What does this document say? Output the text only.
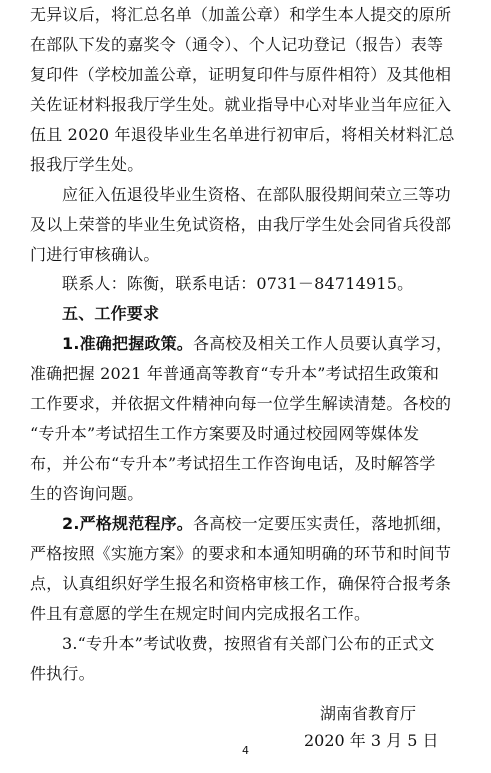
无异议后，将汇总名单（加盖公章）和学生本人提交的原所
在部队下发的嘉奖令（通令）、个人记功登记（报告）表等
复印件（学校加盖公章，证明复印件与原件相符）及其他相
关佐证材料报我厅学生处。就业指导中心对毕业当年应征入
伍且 2020 年退役毕业生名单进行初审后，将相关材料汇总
报我厅学生处。
应征入伍退役毕业生资格、在部队服役期间荣立三等功
及以上荣誉的毕业生免试资格，由我厅学生处会同省兵役部
门进行审核确认。
联系人：陈衡，联系电话：0731－84714915。
五、工作要求
1.准确把握政策。各高校及相关工作人员要认真学习，
准确把握 2021 年普通高等教育“专升本”考试招生政策和
工作要求，并依据文件精神向每一位学生解读清楚。各校的
“专升本”考试招生工作方案要及时通过校园网等媒体发
布，并公布“专升本”考试招生工作咨询电话，及时解答学
生的咨询问题。
2.严格规范程序。各高校一定要压实责任，落地抓细，
严格按照《实施方案》的要求和本通知明确的环节和时间节
点，认真组织好学生报名和资格审核工作，确保符合报考条
件且有意愿的学生在规定时间内完成报名工作。
3.“专升本”考试收费，按照省有关部门公布的正式文
件执行。
湖南省教育厅
2020 年 3 月 5 日
4
